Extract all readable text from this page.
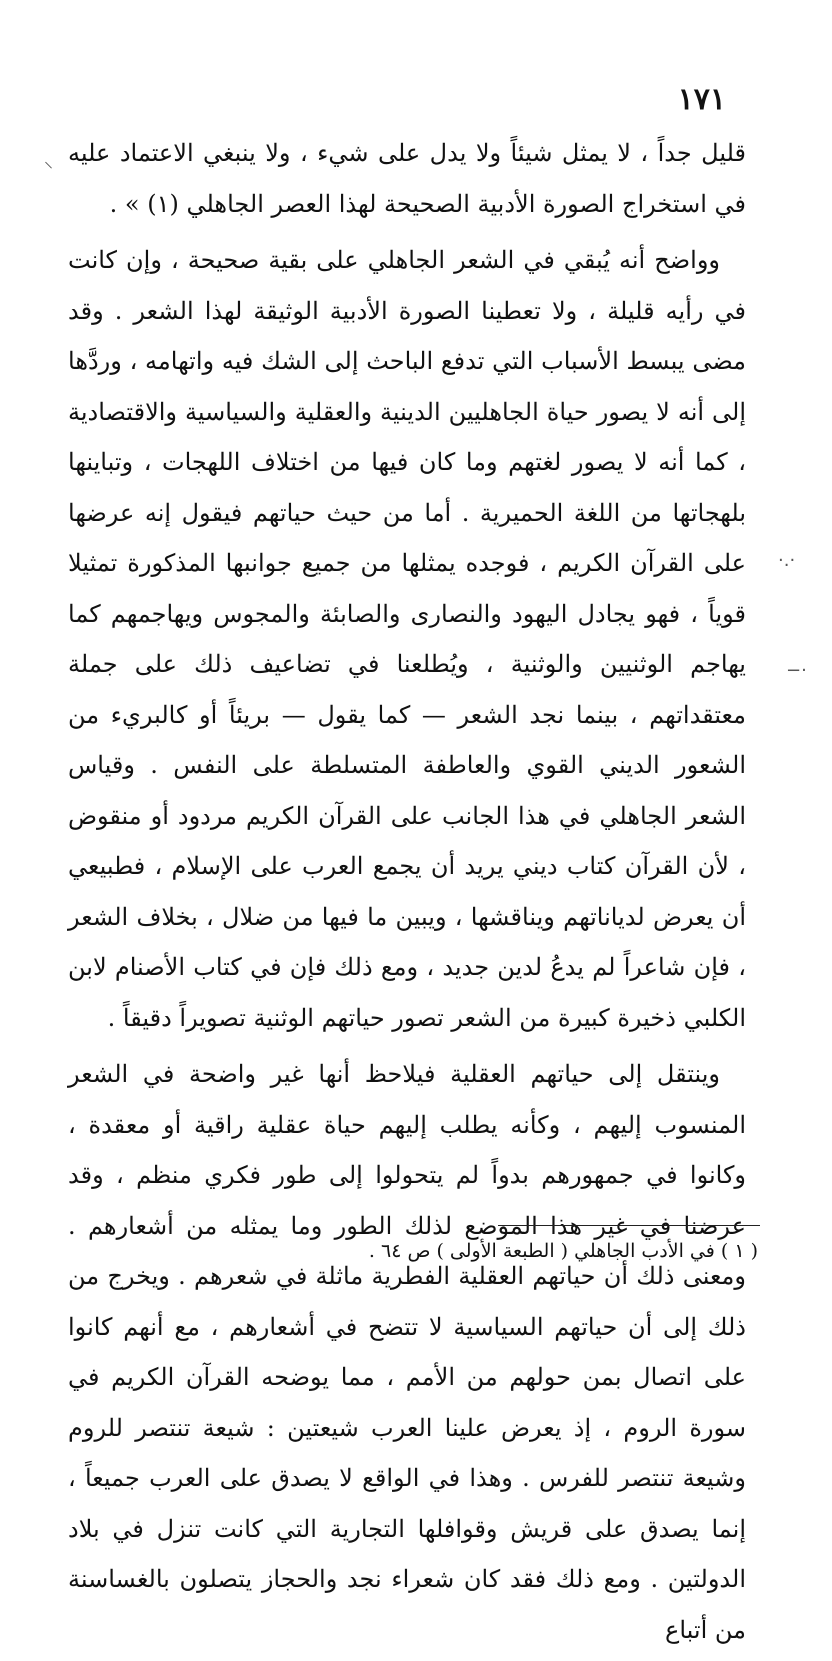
١٧١

قليل جداً ، لا يمثل شيئاً ولا يدل على شيء ، ولا ينبغي الاعتماد عليه في استخراج الصورة الأدبية الصحيحة لهذا العصر الجاهلي (١) » .

وواضح أنه يُبقي في الشعر الجاهلي على بقية صحيحة ، وإن كانت في رأيه قليلة ، ولا تعطينا الصورة الأدبية الوثيقة لهذا الشعر . وقد مضى يبسط الأسباب التي تدفع الباحث إلى الشك فيه واتهامه ، وردَّها إلى أنه لا يصور حياة الجاهليين الدينية والعقلية والسياسية والاقتصادية ، كما أنه لا يصور لغتهم وما كان فيها من اختلاف اللهجات ، وتباينها بلهجاتها من اللغة الحميرية . أما من حيث حياتهم فيقول إنه عرضها على القرآن الكريم ، فوجده يمثلها من جميع جوانبها المذكورة تمثيلا قوياً ، فهو يجادل اليهود والنصارى والصابئة والمجوس ويهاجمهم كما يهاجم الوثنيين والوثنية ، ويُطلعنا في تضاعيف ذلك على جملة معتقداتهم ، بينما نجد الشعر — كما يقول — بريئاً أو كالبريء من الشعور الديني القوي والعاطفة المتسلطة على النفس . وقياس الشعر الجاهلي في هذا الجانب على القرآن الكريم مردود أو منقوض ، لأن القرآن كتاب ديني يريد أن يجمع العرب على الإسلام ، فطبيعي أن يعرض لدياناتهم ويناقشها ، ويبين ما فيها من ضلال ، بخلاف الشعر ، فإن شاعراً لم يدعُ لدين جديد ، ومع ذلك فإن في كتاب الأصنام لابن الكلبي ذخيرة كبيرة من الشعر تصور حياتهم الوثنية تصويراً دقيقاً .

وينتقل إلى حياتهم العقلية فيلاحظ أنها غير واضحة في الشعر المنسوب إليهم ، وكأنه يطلب إليهم حياة عقلية راقية أو معقدة ، وكانوا في جمهورهم بدواً لم يتحولوا إلى طور فكري منظم ، وقد عرضنا في غير هذا الموضع لذلك الطور وما يمثله من أشعارهم . ومعنى ذلك أن حياتهم العقلية الفطرية ماثلة في شعرهم . ويخرج من ذلك إلى أن حياتهم السياسية لا تتضح في أشعارهم ، مع أنهم كانوا على اتصال بمن حولهم من الأمم ، مما يوضحه القرآن الكريم في سورة الروم ، إذ يعرض علينا العرب شيعتين : شيعة تنتصر للروم وشيعة تنتصر للفرس . وهذا في الواقع لا يصدق على العرب جميعاً ، إنما يصدق على قريش وقوافلها التجارية التي كانت تنزل في بلاد الدولتين . ومع ذلك فقد كان شعراء نجد والحجاز يتصلون بالغساسنة من أتباع

( ١ ) في الأدب الجاهلي ( الطبعة الأولى ) ص ٦٤ .

⸝
·.·
·−
